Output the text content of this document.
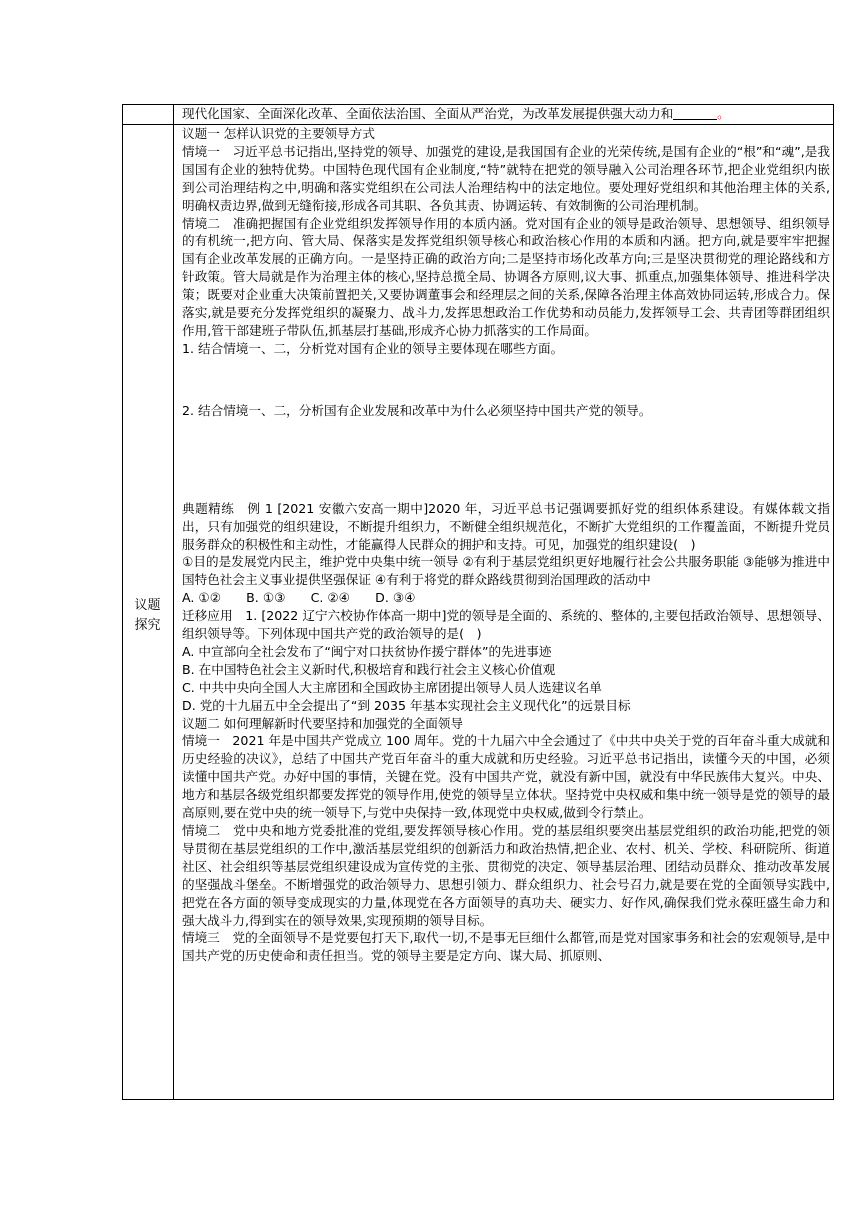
议题
探究
现代化国家、全面深化改革、全面依法治国、全面从严治党，为改革发展提供强大动力和	。

议题一 怎样认识党的主要领导方式

情境一　习近平总书记指出,坚持党的领导、加强党的建设,是我国国有企业的光荣传统,是国有企业的“根”和“魂”,是我国国有企业的独特优势。中国特色现代国有企业制度,“特”就特在把党的领导融入公司治理各环节,把企业党组织内嵌到公司治理结构之中,明确和落实党组织在公司法人治理结构中的法定地位。要处理好党组织和其他治理主体的关系,明确权责边界,做到无缝衔接,形成各司其职、各负其责、协调运转、有效制衡的公司治理机制。

情境二　准确把握国有企业党组织发挥领导作用的本质内涵。党对国有企业的领导是政治领导、思想领导、组织领导的有机统一,把方向、管大局、保落实是发挥党组织领导核心和政治核心作用的本质和内涵。把方向,就是要牢牢把握国有企业改革发展的正确方向。一是坚持正确的政治方向;二是坚持市场化改革方向;三是坚决贯彻党的理论路线和方针政策。管大局就是作为治理主体的核心,坚持总揽全局、协调各方原则,议大事、抓重点,加强集体领导、推进科学决策；既要对企业重大决策前置把关,又要协调董事会和经理层之间的关系,保障各治理主体高效协同运转,形成合力。保落实,就是要充分发挥党组织的凝聚力、战斗力,发挥思想政治工作优势和动员能力,发挥领导工会、共青团等群团组织作用,管干部建班子带队伍,抓基层打基础,形成齐心协力抓落实的工作局面。

1. 结合情境一、二，分析党对国有企业的领导主要体现在哪些方面。

2. 结合情境一、二，分析国有企业发展和改革中为什么必须坚持中国共产党的领导。

典题精练　例 1 [2021 安徽六安高一期中]2020 年，习近平总书记强调要抓好党的组织体系建设。有媒体载文指出，只有加强党的组织建设，不断提升组织力，不断健全组织规范化，不断扩大党组织的工作覆盖面，不断提升党员服务群众的积极性和主动性，才能赢得人民群众的拥护和支持。可见，加强党的组织建设(　)

①目的是发展党内民主，维护党中央集中统一领导 ②有利于基层党组织更好地履行社会公共服务职能 ③能够为推进中国特色社会主义事业提供坚强保证 ④有利于将党的群众路线贯彻到治国理政的活动中

A. ①②　　B. ①③　　C. ②④　　D. ③④

迁移应用　1. [2022 辽宁六校协作体高一期中]党的领导是全面的、系统的、整体的,主要包括政治领导、思想领导、组织领导等。下列体现中国共产党的政治领导的是(　)

A. 中宣部向全社会发布了“闽宁对口扶贫协作援宁群体”的先进事迹

B. 在中国特色社会主义新时代,积极培育和践行社会主义核心价值观

C. 中共中央向全国人大主席团和全国政协主席团提出领导人员人选建议名单

D. 党的十九届五中全会提出了“到 2035 年基本实现社会主义现代化”的远景目标

议题二 如何理解新时代要坚持和加强党的全面领导

情境一　2021 年是中国共产党成立 100 周年。党的十九届六中全会通过了《中共中央关于党的百年奋斗重大成就和历史经验的决议》，总结了中国共产党百年奋斗的重大成就和历史经验。习近平总书记指出，读懂今天的中国，必须读懂中国共产党。办好中国的事情，关键在党。没有中国共产党，就没有新中国，就没有中华民族伟大复兴。中央、地方和基层各级党组织都要发挥党的领导作用,使党的领导呈立体状。坚持党中央权威和集中统一领导是党的领导的最高原则,要在党中央的统一领导下,与党中央保持一致,体现党中央权威,做到令行禁止。

情境二　党中央和地方党委批准的党组,要发挥领导核心作用。党的基层组织要突出基层党组织的政治功能,把党的领导贯彻在基层党组织的工作中,激活基层党组织的创新活力和政治热情,把企业、农村、机关、学校、科研院所、街道社区、社会组织等基层党组织建设成为宣传党的主张、贯彻党的决定、领导基层治理、团结动员群众、推动改革发展的坚强战斗堡垒。不断增强党的政治领导力、思想引领力、群众组织力、社会号召力,就是要在党的全面领导实践中,把党在各方面的领导变成现实的力量,体现党在各方面领导的真功夫、硬实力、好作风,确保我们党永葆旺盛生命力和强大战斗力,得到实在的领导效果,实现预期的领导目标。

情境三　党的全面领导不是党要包打天下,取代一切,不是事无巨细什么都管,而是党对国家事务和社会的宏观领导,是中国共产党的历史使命和责任担当。党的领导主要是定方向、谋大局、抓原则、
